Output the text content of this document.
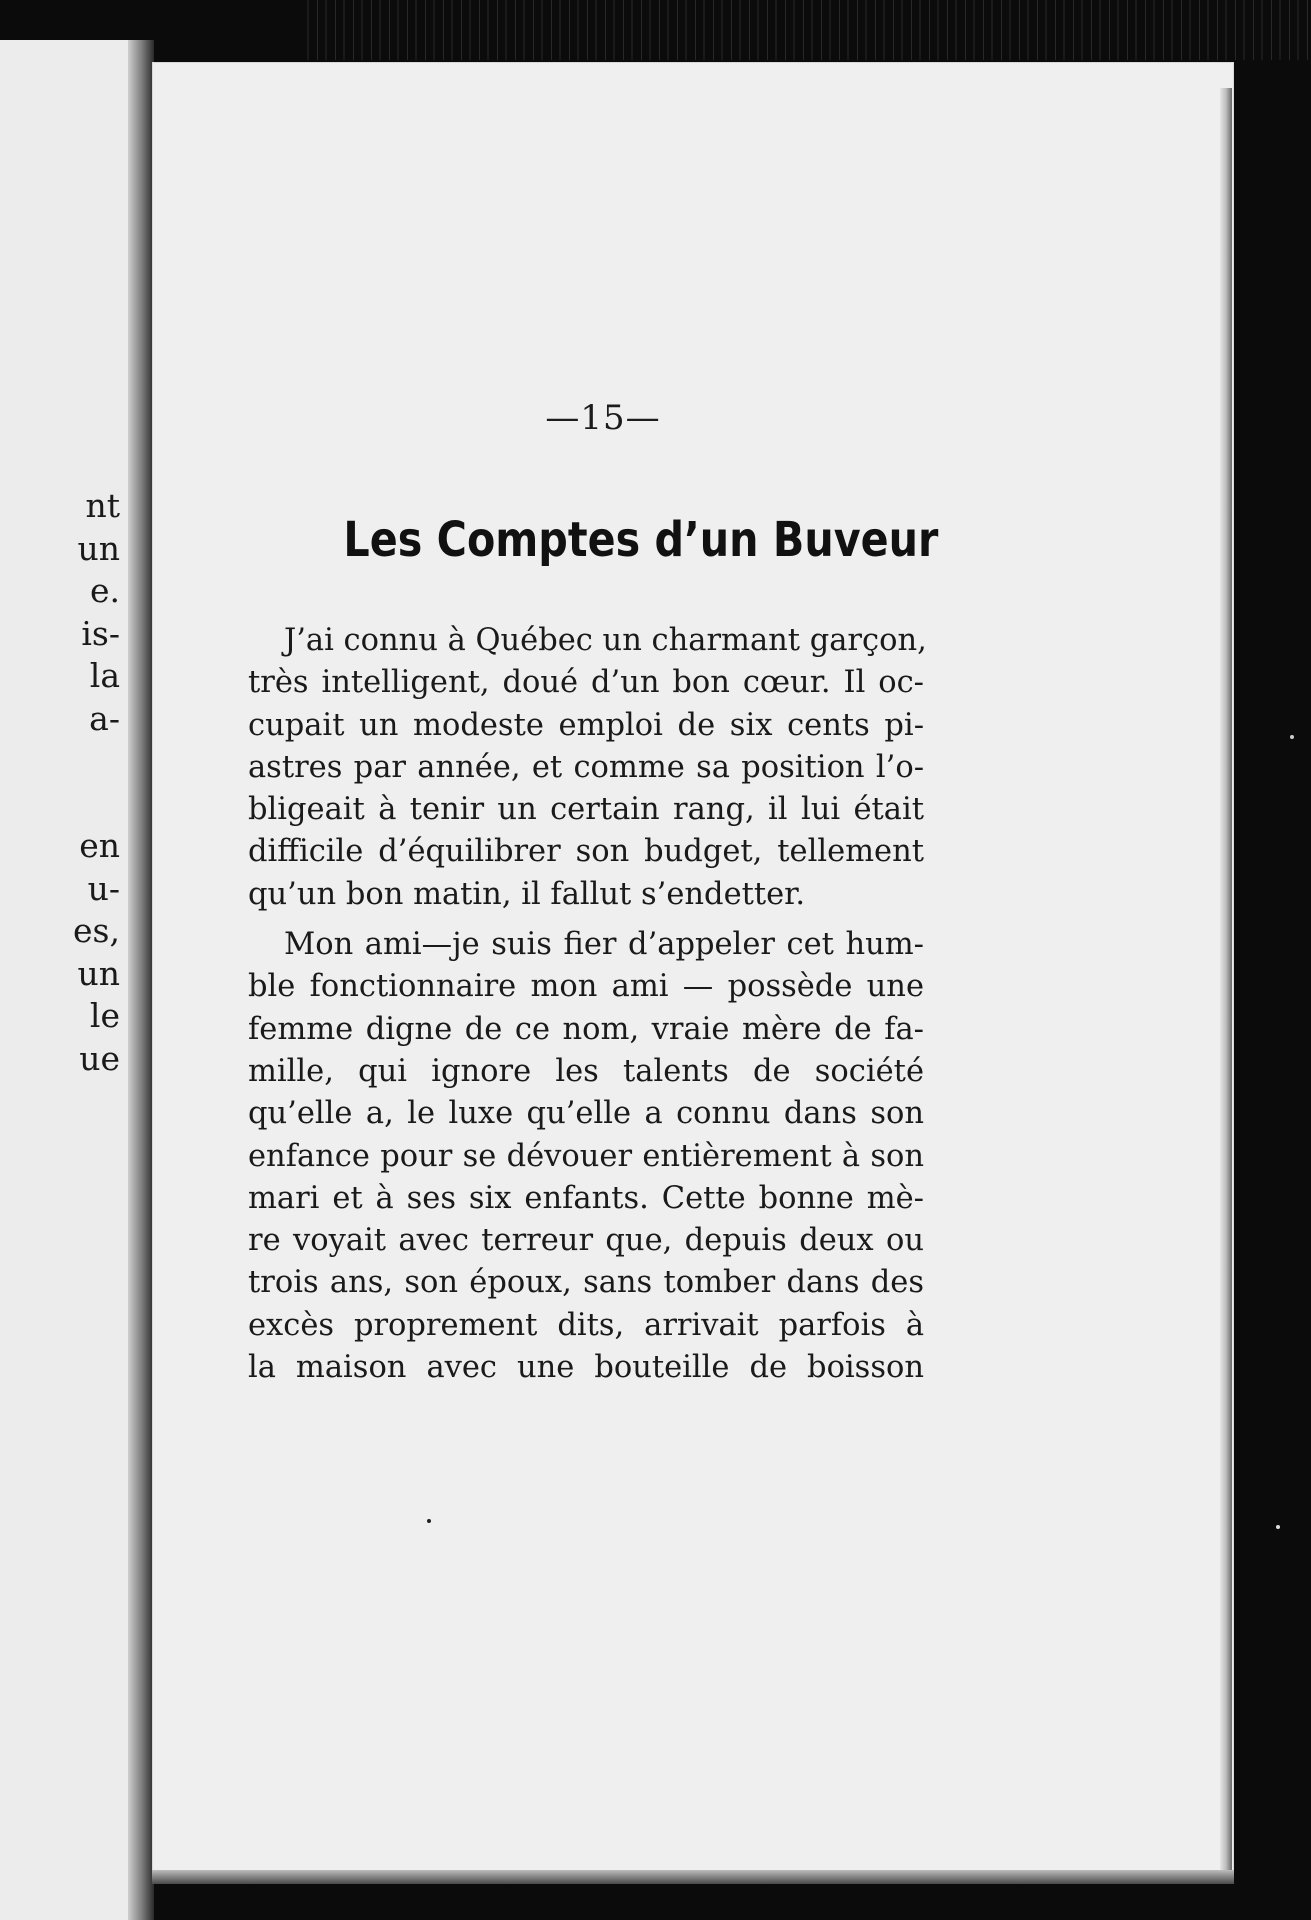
nt
un
e.
is-
la
a-
en
u-
es,
un
le
ue
—15—
Les Comptes d’un Buveur
J’ai connu à Québec un charmant garçon,
très intelligent, doué d’un bon cœur. Il oc-
cupait un modeste emploi de six cents pi-
astres par année, et comme sa position l’o-
bligeait à tenir un certain rang, il lui était
difficile d’équilibrer son budget, tellement
qu’un bon matin, il fallut s’endetter.
Mon ami—je suis fier d’appeler cet hum-
ble fonctionnaire mon ami — possède une
femme digne de ce nom, vraie mère de fa-
mille, qui ignore les talents de société
qu’elle a, le luxe qu’elle a connu dans son
enfance pour se dévouer entièrement à son
mari et à ses six enfants. Cette bonne mè-
re voyait avec terreur que, depuis deux ou
trois ans, son époux, sans tomber dans des
excès proprement dits, arrivait parfois à
la maison avec une bouteille de boisson
